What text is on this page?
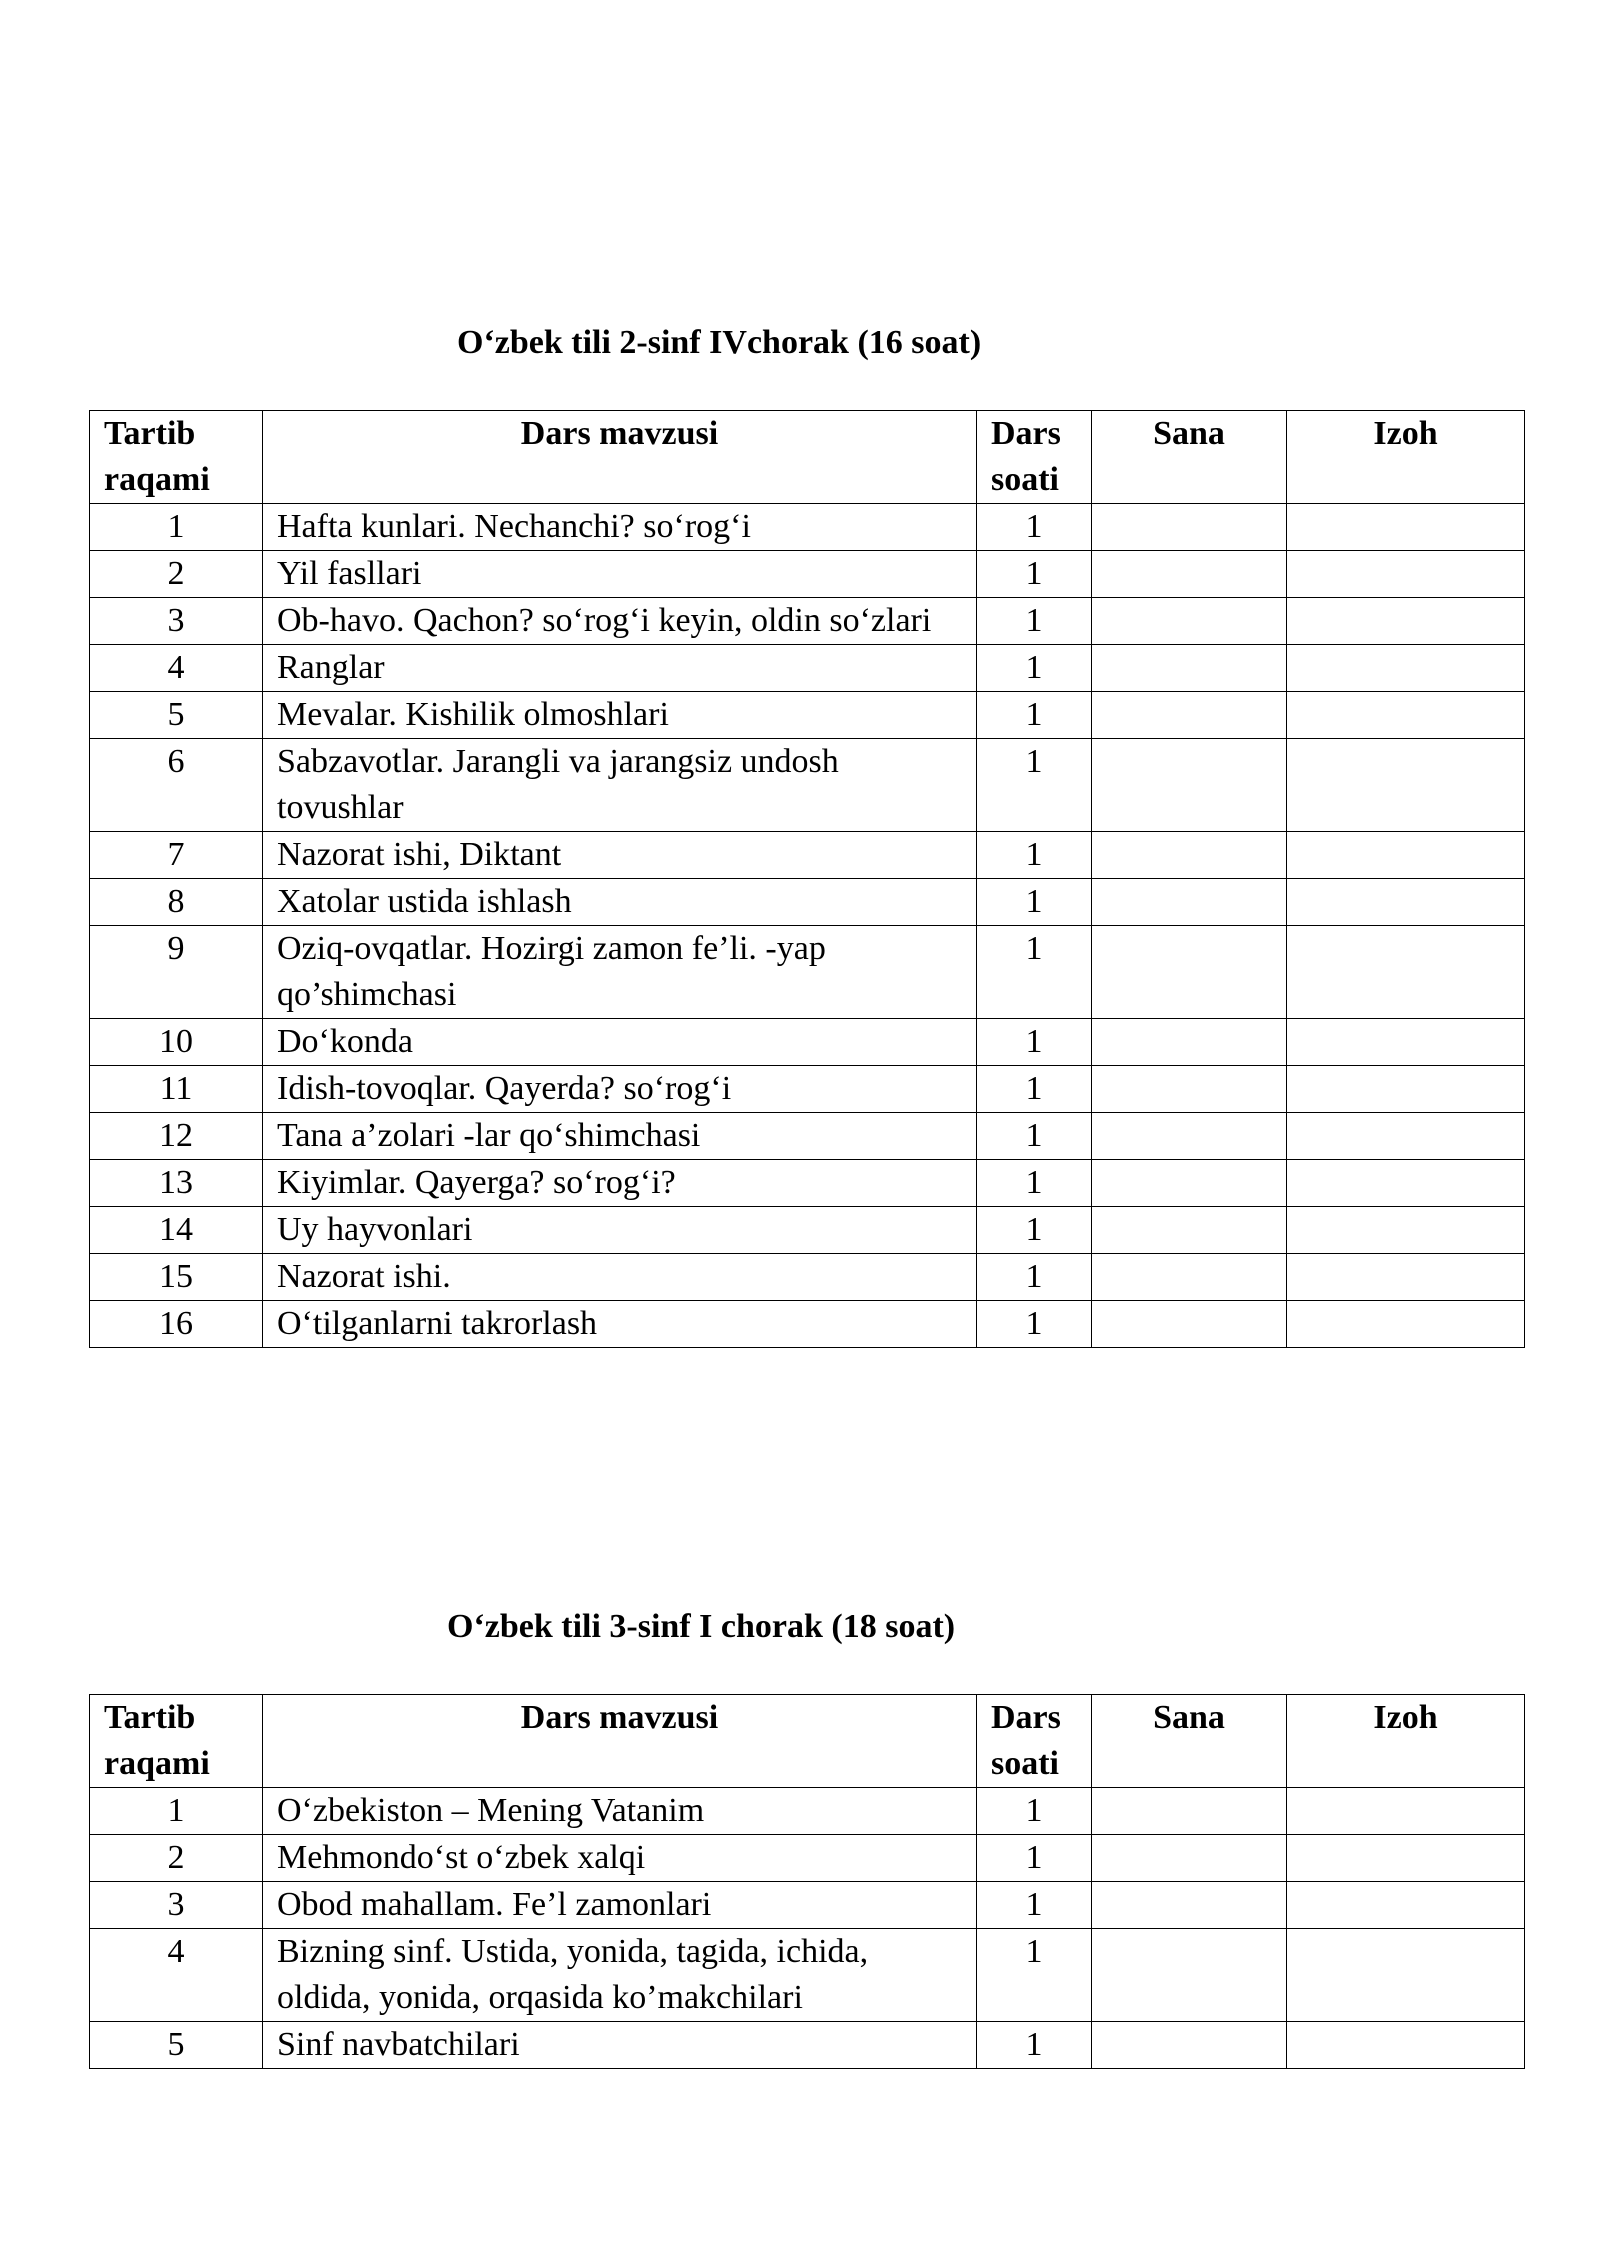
O‘zbek tili 2-sinf IVchorak (16 soat)
Tartib raqami	Dars mavzusi	Dars soati	Sana	Izoh
1	Hafta kunlari. Nechanchi? so‘rog‘i	1		
2	Yil fasllari	1		
3	Ob-havo. Qachon? so‘rog‘i keyin, oldin so‘zlari	1		
4	Ranglar	1		
5	Mevalar. Kishilik olmoshlari	1		
6	Sabzavotlar. Jarangli va jarangsiz undosh tovushlar	1		
7	Nazorat ishi, Diktant	1		
8	Xatolar ustida ishlash	1		
9	Oziq-ovqatlar. Hozirgi zamon fe’li. -yap qo’shimchasi	1		
10	Do‘konda	1		
11	Idish-tovoqlar. Qayerda? so‘rog‘i	1		
12	Tana a’zolari -lar qo‘shimchasi	1		
13	Kiyimlar. Qayerga? so‘rog‘i?	1		
14	Uy hayvonlari	1		
15	Nazorat ishi.	1		
16	O‘tilganlarni takrorlash	1		
O‘zbek tili 3-sinf I chorak (18 soat)
Tartib raqami	Dars mavzusi	Dars soati	Sana	Izoh
1	O‘zbekiston – Mening Vatanim	1		
2	Mehmondo‘st o‘zbek xalqi	1		
3	Obod mahallam. Fe’l zamonlari	1		
4	Bizning sinf. Ustida, yonida, tagida, ichida, oldida, yonida, orqasida ko’makchilari	1		
5	Sinf navbatchilari	1		
